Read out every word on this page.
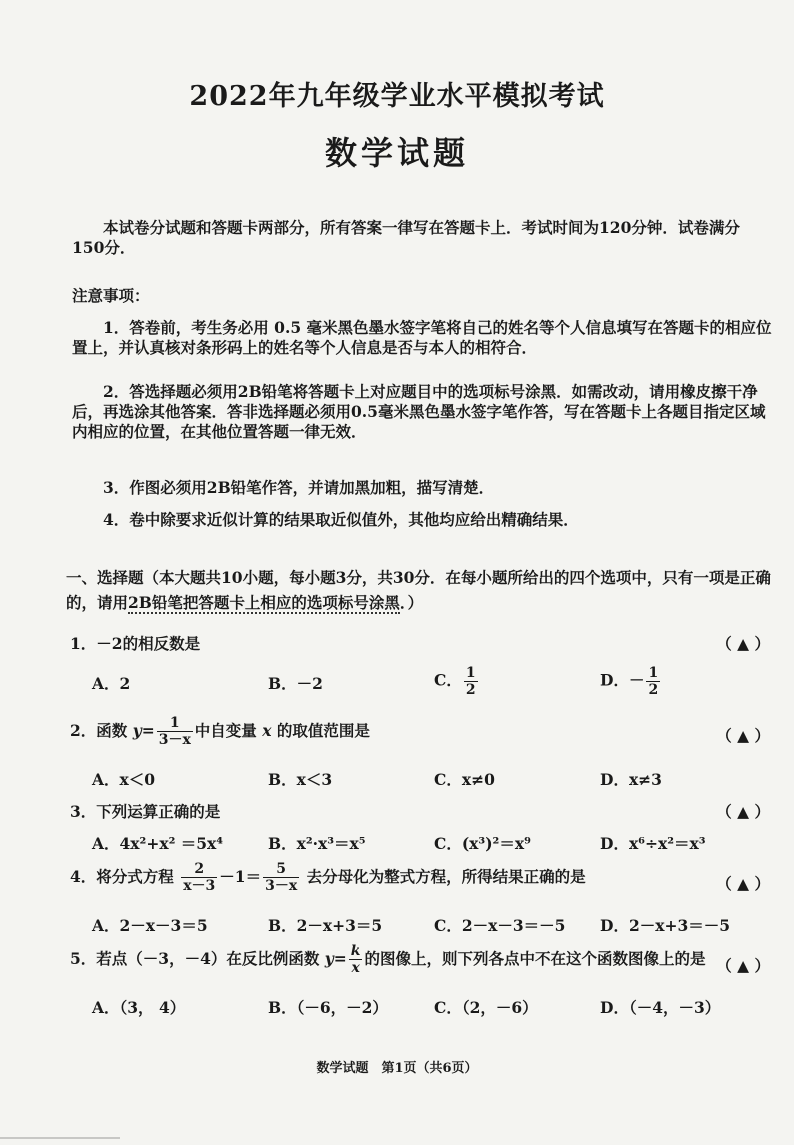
2022年九年级学业水平模拟考试
数学试题
本试卷分试题和答题卡两部分，所有答案一律写在答题卡上．考试时间为120分钟．试卷满分150分．
注意事项：
1．答卷前，考生务必用 0.5 毫米黑色墨水签字笔将自己的姓名等个人信息填写在答题卡的相应位置上，并认真核对条形码上的姓名等个人信息是否与本人的相符合．
2．答选择题必须用2B铅笔将答题卡上对应题目中的选项标号涂黑．如需改动，请用橡皮擦干净后，再选涂其他答案．答非选择题必须用0.5毫米黑色墨水签字笔作答，写在答题卡上各题目指定区域内相应的位置，在其他位置答题一律无效．
3．作图必须用2B铅笔作答，并请加黑加粗，描写清楚．
4．卷中除要求近似计算的结果取近似值外，其他均应给出精确结果．
一、选择题（本大题共10小题，每小题3分，共30分．在每小题所给出的四个选项中，只有一项是正确的，请用2B铅笔把答题卡上相应的选项标号涂黑．）
1．－2的相反数是	（ ▲ ）
A．2	B．－2	C． $\frac{1}{2}$	D．－ $\frac{1}{2}$
2．函数 $y= \frac{1}{3-x}$ 中自变量 x 的取值范围是	（ ▲ ）
A．x＜0	B．x＜3	C．x≠0	D．x≠3
3．下列运算正确的是	（ ▲ ）
A．4x²+x² ＝5x⁴	B．x²·x³＝x⁵	C．(x³)²＝x⁹	D．x⁶÷x²＝x³
4．将分式方程 $\frac{2}{x-3} -1= \frac{5}{3-x}$ 去分母化为整式方程，所得结果正确的是	（ ▲ ）
A．2－x－3＝5	B．2－x+3＝5	C．2－x－3＝－5 D．2－x+3＝－5
5．若点（－3，－4）在反比例函数 $y= \frac{k}{x}$ 的图像上，则下列各点中不在这个函数图像上的是 （ ▲ ）
A．（3， 4）	B．（－6，－2）	C．（2，－6）	D．（－4，－3）
数学试题　第1页（共6页）
